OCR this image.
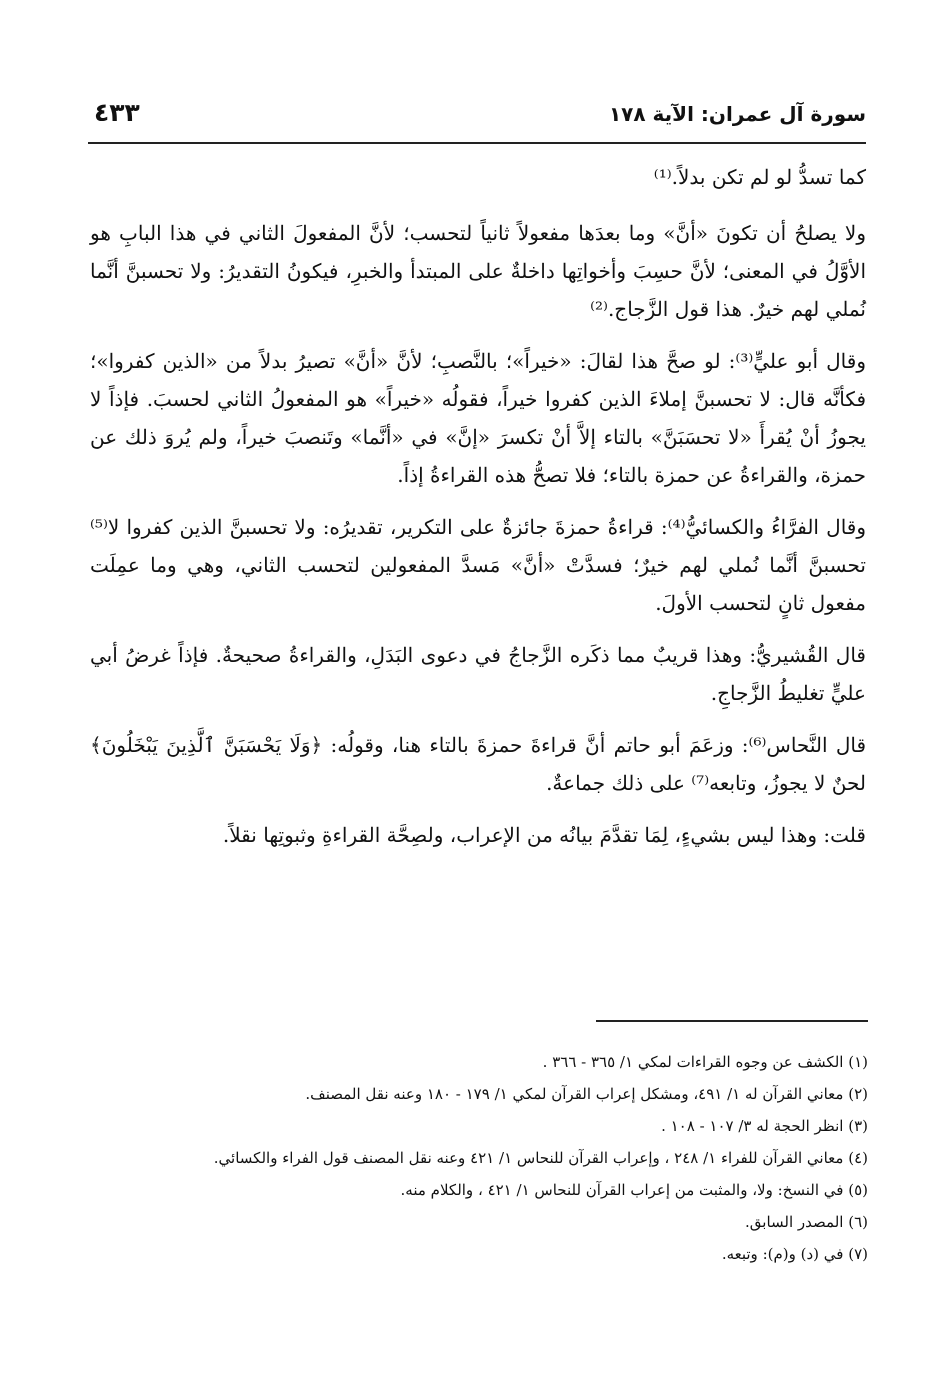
سورة آل عمران: الآية ١٧٨
٤٣٣

كما تسدُّ لو لم تكن بدلاً.⁽¹⁾

ولا يصلحُ أن تكونَ «أنَّ» وما بعدَها مفعولاً ثانياً لتحسب؛ لأنَّ المفعولَ الثاني في هذا البابِ هو الأوَّلُ في المعنى؛ لأنَّ حسِبَ وأخواتِها داخلةٌ على المبتدأ والخبرِ، فيكونُ التقديرُ: ولا تحسبنَّ أنَّما نُملي لهم خيرٌ. هذا قول الزَّجاج.⁽²⁾

وقال أبو عليٍّ⁽³⁾: لو صحَّ هذا لقالَ: «خيراً»؛ بالنَّصبِ؛ لأنَّ «أنَّ» تصيرُ بدلاً من «الذين كفروا»؛ فكأنَّه قال: لا تحسبنَّ إملاءَ الذين كفروا خيراً، فقولُه «خيراً» هو المفعولُ الثاني لحسبَ. فإذاً لا يجوزُ أنْ يُقرأَ «لا تحسَبَنَّ» بالتاء إلاَّ أنْ تكسرَ «إنَّ» في «أنَّما» وتَنصبَ خيراً، ولم يُروَ ذلك عن حمزة، والقراءةُ عن حمزة بالتاء؛ فلا تصحُّ هذه القراءةُ إذاً.

وقال الفرَّاءُ والكسائيُّ⁽⁴⁾: قراءةُ حمزةَ جائزةٌ على التكرير، تقديرُه: ولا تحسبنَّ الذين كفروا لا⁽⁵⁾ تحسبنَّ أنَّما نُملي لهم خيرٌ؛ فسدَّتْ «أنَّ» مَسدَّ المفعولين لتحسب الثاني، وهي وما عمِلَت مفعول ثانٍ لتحسب الأولَ.

قال القُشيريُّ: وهذا قريبٌ مما ذكَره الزَّجاجُ في دعوى البَدَلِ، والقراءةُ صحيحةٌ. فإذاً غرضُ أبي عليٍّ تغليطُ الزَّجاجِ.

قال النَّحاس⁽⁶⁾: وزعَمَ أبو حاتم أنَّ قراءةَ حمزةَ بالتاء هنا، وقولُه: ﴿وَلَا يَحْسَبَنَّ ٱلَّذِينَ يَبْخَلُونَ﴾ لحنٌ لا يجوزُ، وتابعه⁽⁷⁾ على ذلك جماعةٌ.

قلت: وهذا ليس بشيءٍ، لِمَا تقدَّمَ بيانُه من الإعراب، ولصِحَّة القراءةِ وثبوتِها نقلاً.

(١) الكشف عن وجوه القراءات لمكي ١/ ٣٦٥ - ٣٦٦ .
(٢) معاني القرآن له ١/ ٤٩١، ومشكل إعراب القرآن لمكي ١/ ١٧٩ - ١٨٠ وعنه نقل المصنف.
(٣) انظر الحجة له ٣/ ١٠٧ - ١٠٨ .
(٤) معاني القرآن للفراء ١/ ٢٤٨ ، وإعراب القرآن للنحاس ١/ ٤٢١ وعنه نقل المصنف قول الفراء والكسائي.
(٥) في النسخ: ولا، والمثبت من إعراب القرآن للنحاس ١/ ٤٢١ ، والكلام منه.
(٦) المصدر السابق.
(٧) في (د) و(م): وتبعه.
